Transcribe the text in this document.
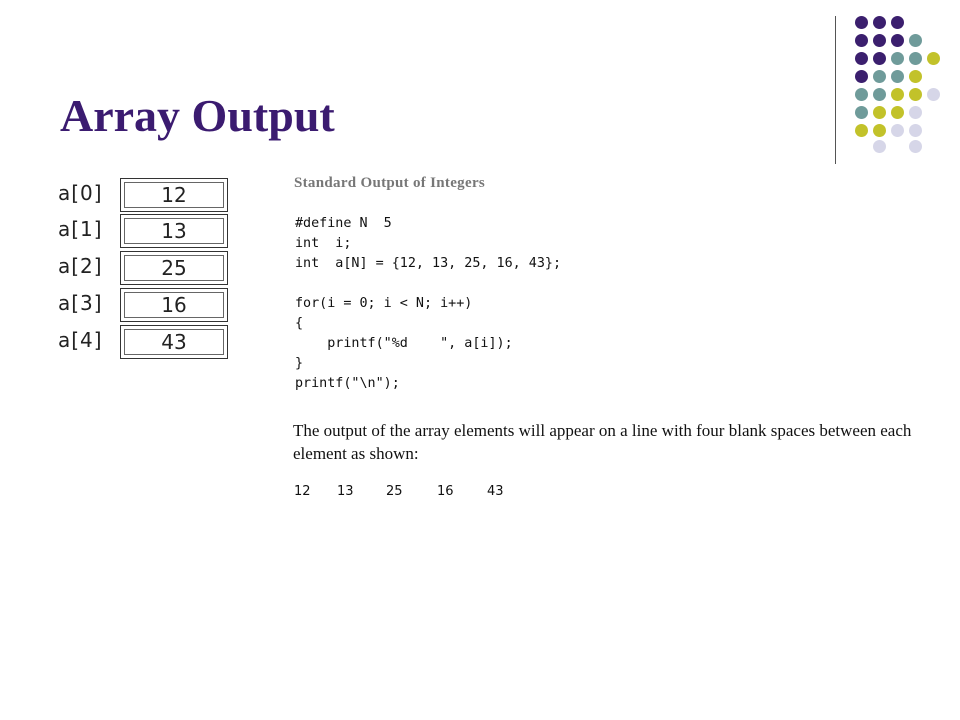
Array Output
a[0]	12
a[1]	13
a[2]	25
a[3]	16
a[4]	43
Standard Output of Integers
#define N  5
int  i;
int  a[N] = {12, 13, 25, 16, 43};

for(i = 0; i < N; i++)
{
printf("%d    ", a[i]);
}
printf("\n");
The output of the array elements will appear on a line with four blank spaces between each element as shown:
12 13 25	16	43
